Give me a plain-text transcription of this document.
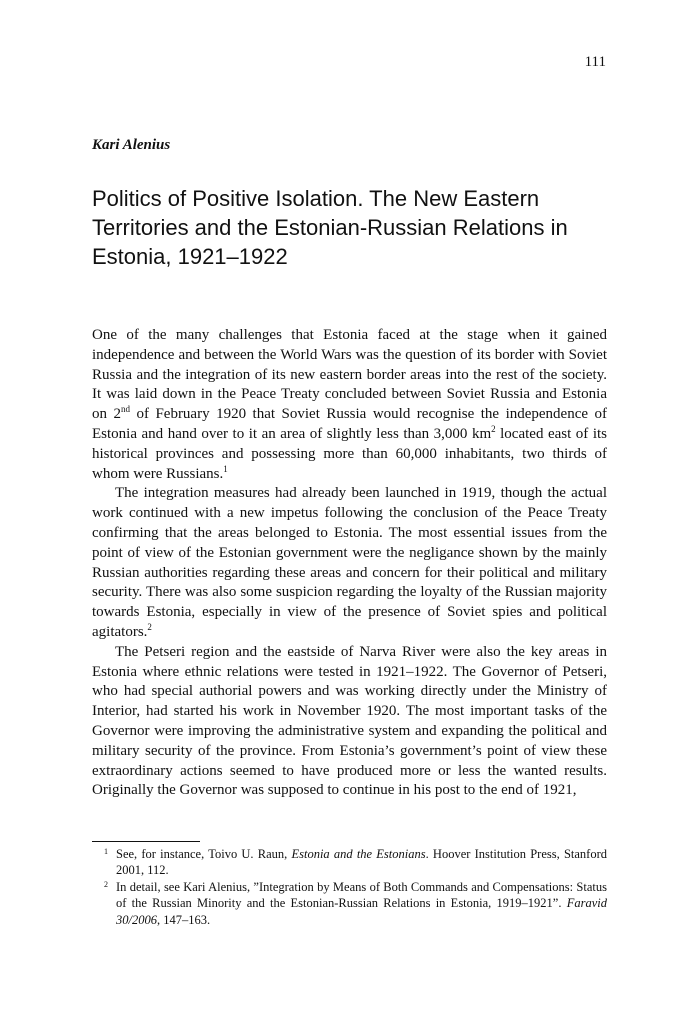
111
Kari Alenius
Politics of Positive Isolation. The New Eastern Territories and the Estonian-Russian Relations in Estonia, 1921–1922

One of the many challenges that Estonia faced at the stage when it gained independence and between the World Wars was the question of its border with Soviet Russia and the integration of its new eastern border areas into the rest of the society. It was laid down in the Peace Treaty concluded between Soviet Russia and Estonia on 2nd of February 1920 that Soviet Russia would recognise the independence of Estonia and hand over to it an area of slightly less than 3,000 $km^2$ located east of its historical provinces and possessing more than 60,000 inhabitants, two thirds of whom were Russians.$^1$

The integration measures had already been launched in 1919, though the actual work continued with a new impetus following the conclusion of the Peace Treaty confirming that the areas belonged to Estonia. The most essential issues from the point of view of the Estonian government were the negligance shown by the mainly Russian authorities regarding these areas and concern for their political and military security. There was also some suspicion regarding the loyalty of the Russian majority towards Estonia, especially in view of the presence of Soviet spies and political agitators.$^2$

The Petseri region and the eastside of Narva River were also the key areas in Estonia where ethnic relations were tested in 1921–1922. The Governor of Petseri, who had special authorial powers and was working directly under the Ministry of Interior, had started his work in November 1920. The most important tasks of the Governor were improving the administrative system and expanding the political and military security of the province. From Estonia’s government’s point of view these extraordinary actions seemed to have produced more or less the wanted results. Originally the Governor was supposed to continue in his post to the end of 1921,

1 See, for instance, Toivo U. Raun, Estonia and the Estonians. Hoover Institution Press, Stanford 2001, 112.

2 In detail, see Kari Alenius, ”Integration by Means of Both Commands and Compensations: Status of the Russian Minority and the Estonian-Russian Relations in Estonia, 1919–1921”. Faravid 30/2006, 147–163.
